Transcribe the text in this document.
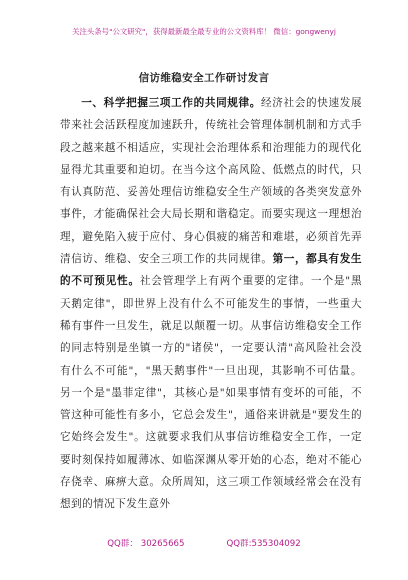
关注头条号"公文研究"，获得最新最全最专业的公文资料库！ 微信：gongwenyj
信访维稳安全工作研讨发言

一、科学把握三项工作的共同规律。经济社会的快速发展带来社会活跃程度加速跃升，传统社会管理体制机制和方式手段之越来越不相适应，实现社会治理体系和治理能力的现代化显得尤其重要和迫切。在当今这个高风险、低燃点的时代，只有认真防范、妥善处理信访维稳安全生产领域的各类突发意外事件，才能确保社会大局长期和谐稳定。而要实现这一理想治理，避免陷入疲于应付、身心俱疲的痛苦和难堪，必须首先弄清信访、维稳、安全三项工作的共同规律。第一，都具有发生的不可预见性。社会管理学上有两个重要的定律。一个是"黑天鹅定律"，即世界上没有什么不可能发生的事情，一些重大稀有事件一旦发生，就足以颠覆一切。从事信访维稳安全工作的同志特别是坐镇一方的"诸侯"，一定要认清"高风险社会没有什么不可能"，"黑天鹅事件"一旦出现，其影响不可估量。另一个是"墨菲定律"，其核心是"如果事情有变坏的可能，不管这种可能性有多小，它总会发生"，通俗来讲就是"要发生的它始终会发生"。这就要求我们从事信访维稳安全工作，一定要时刻保持如履薄冰、如临深渊从零开始的心态，绝对不能心存侥幸、麻痹大意。众所周知，这三项工作领域经常会在没有想到的情况下发生意外

QQ群： 30265665	QQ群:535304092
